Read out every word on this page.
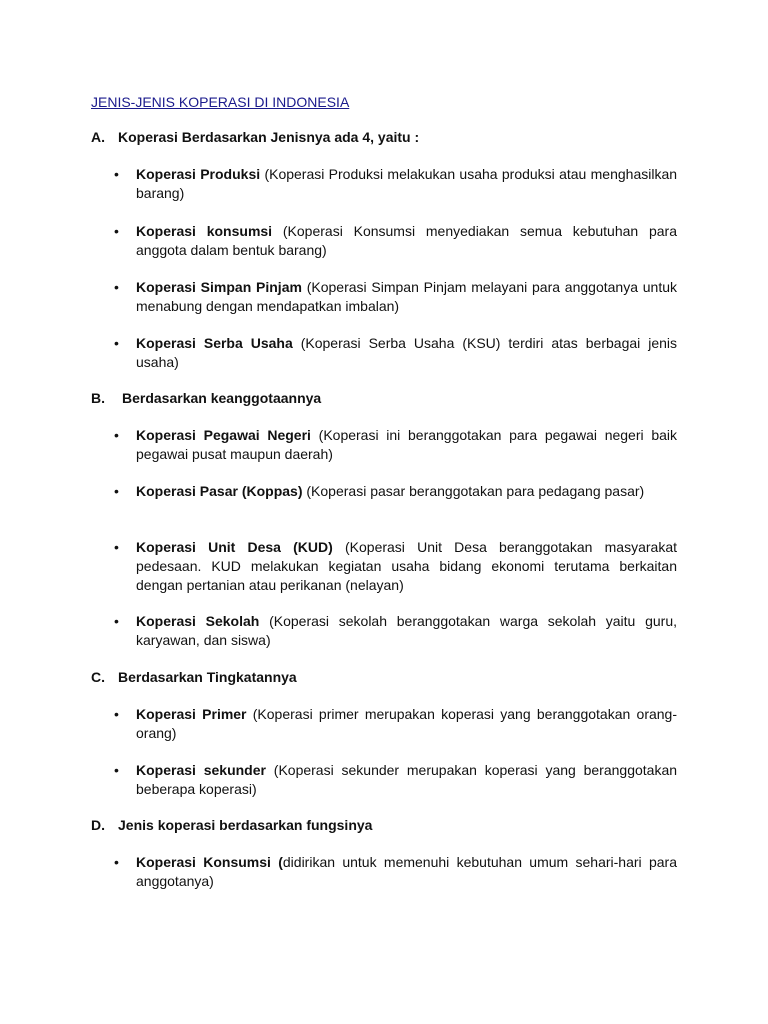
JENIS-JENIS KOPERASI DI INDONESIA
A. Koperasi Berdasarkan Jenisnya ada 4, yaitu :
•	Koperasi Produksi (Koperasi Produksi melakukan usaha produksi atau menghasilkan barang)
•	Koperasi konsumsi (Koperasi Konsumsi menyediakan semua kebutuhan para anggota dalam bentuk barang)
•	Koperasi Simpan Pinjam (Koperasi Simpan Pinjam melayani para anggotanya untuk menabung dengan mendapatkan imbalan)
•	Koperasi Serba Usaha (Koperasi Serba Usaha (KSU) terdiri atas berbagai jenis usaha)
B. Berdasarkan keanggotaannya
•	Koperasi Pegawai Negeri (Koperasi ini beranggotakan para pegawai negeri baik pegawai pusat maupun daerah)
•	Koperasi Pasar (Koppas) (Koperasi pasar beranggotakan para pedagang pasar)
•	Koperasi Unit Desa (KUD) (Koperasi Unit Desa beranggotakan masyarakat pedesaan. KUD melakukan kegiatan usaha bidang ekonomi terutama berkaitan dengan pertanian atau perikanan (nelayan)
•	Koperasi Sekolah (Koperasi sekolah beranggotakan warga sekolah yaitu guru, karyawan, dan siswa)
C. Berdasarkan Tingkatannya
•	Koperasi Primer (Koperasi primer merupakan koperasi yang beranggotakan orang-orang)
•	Koperasi sekunder (Koperasi sekunder merupakan koperasi yang beranggotakan beberapa koperasi)
D. Jenis koperasi berdasarkan fungsinya
•	Koperasi Konsumsi (didirikan untuk memenuhi kebutuhan umum sehari-hari para anggotanya)
